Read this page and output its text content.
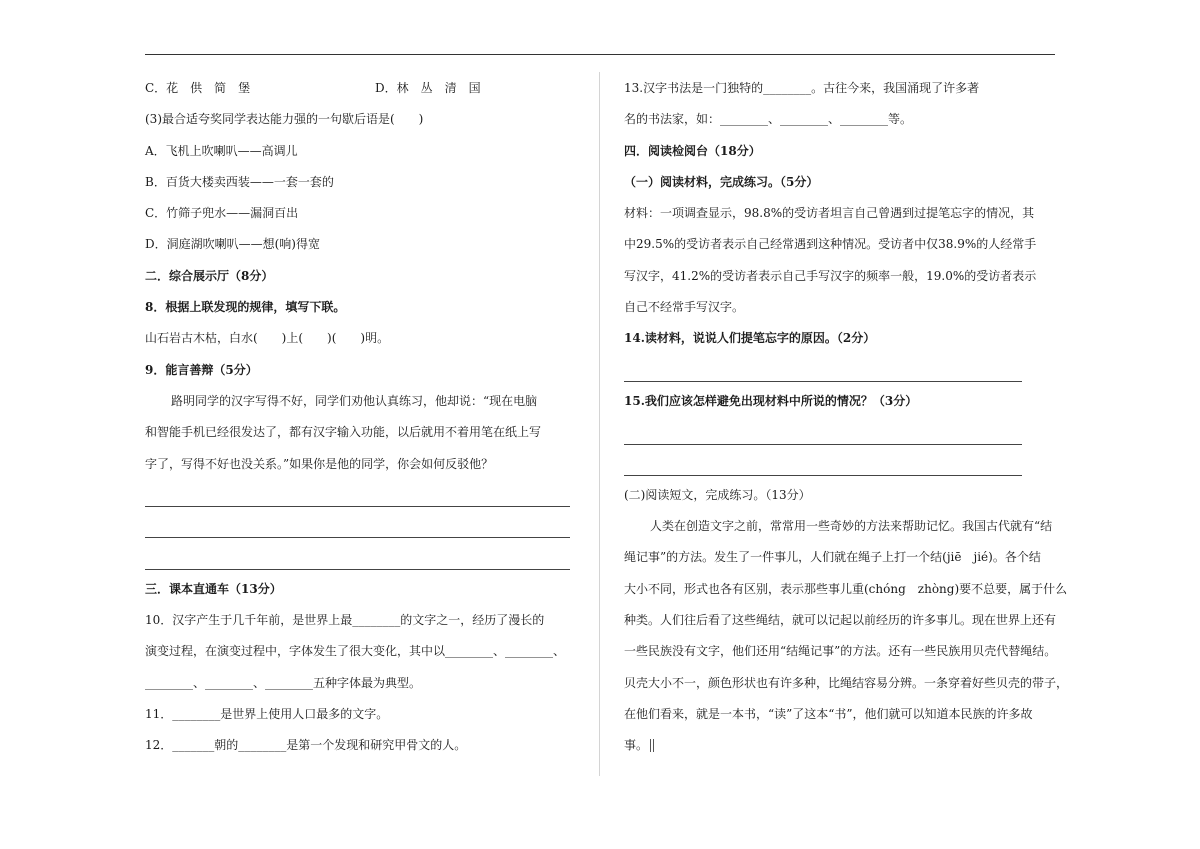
C．花　供　简　堡	D．林　丛　清　国
(3)最合适夸奖同学表达能力强的一句歇后语是(　　)
A．飞机上吹喇叭——高调儿
B．百货大楼卖西装——一套一套的
C．竹筛子兜水——漏洞百出
D．洞庭湖吹喇叭——想(响)得宽
二．综合展示厅（8分）
8．根据上联发现的规律，填写下联。
山石岩古木枯，白水(　　)上(　　)(　　)明。
9．能言善辩（5分）
路明同学的汉字写得不好，同学们劝他认真练习，他却说：“现在电脑
和智能手机已经很发达了，都有汉字输入功能，以后就用不着用笔在纸上写
字了，写得不好也没关系。”如果你是他的同学，你会如何反驳他？
三．课本直通车（13分）
10．汉字产生于几千年前，是世界上最________的文字之一，经历了漫长的
演变过程，在演变过程中，字体发生了很大变化，其中以________、________、
________、________、________五种字体最为典型。
11．________是世界上使用人口最多的文字。
12．_______朝的________是第一个发现和研究甲骨文的人。
13.汉字书法是一门独特的________。古往今来，我国涌现了许多著
名的书法家，如：________、________、________等。
四．阅读检阅台（18分）
（一）阅读材料，完成练习。（5分）
材料：一项调查显示，98.8%的受访者坦言自己曾遇到过提笔忘字的情况，其
中29.5%的受访者表示自己经常遇到这种情况。受访者中仅38.9%的人经常手
写汉字，41.2%的受访者表示自己手写汉字的频率一般，19.0%的受访者表示
自己不经常手写汉字。
14.读材料，说说人们提笔忘字的原因。（2分）
15.我们应该怎样避免出现材料中所说的情况？（3分）
(二)阅读短文，完成练习。（13分）
人类在创造文字之前，常常用一些奇妙的方法来帮助记忆。我国古代就有“结
绳记事”的方法。发生了一件事儿，人们就在绳子上打一个结(jiē　jié)。各个结
大小不同，形式也各有区别，表示那些事儿重(chóng　zhòng)要不总要，属于什么
种类。人们往后看了这些绳结，就可以记起以前经历的许多事儿。现在世界上还有
一些民族没有文字，他们还用“结绳记事”的方法。还有一些民族用贝壳代替绳结。
贝壳大小不一，颜色形状也有许多种，比绳结容易分辨。一条穿着好些贝壳的带子，
在他们看来，就是一本书，“读”了这本“书”，他们就可以知道本民族的许多故
事。
